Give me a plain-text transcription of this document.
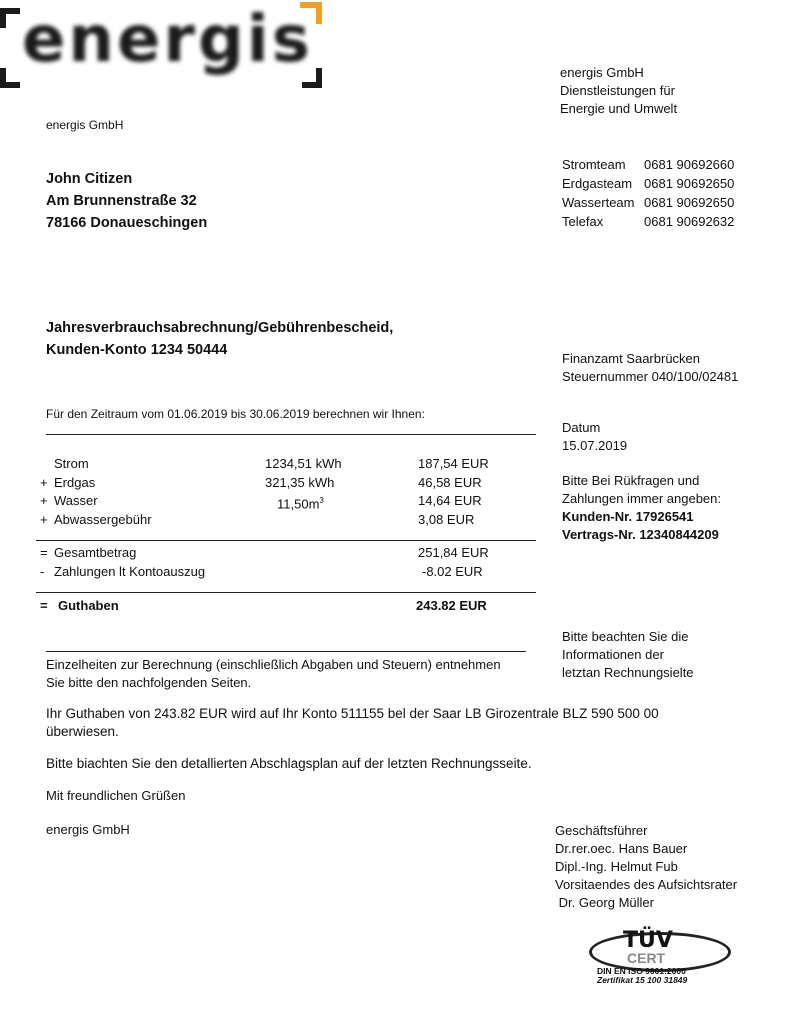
energis
energis GmbH
John Citizen
Am Brunnenstraße 32
78166 Donaueschingen
energis GmbH
Dienstleistungen für
Energie und Umwelt
Stromteam 0681 90692660
Erdgasteam 0681 90692650
Wasserteam 0681 90692650
Telefax	0681 90692632
Jahresverbrauchsabrechnung/Gebührenbescheid,
Kunden-Konto 1234 50444
Finanzamt Saarbrücken
Steuernummer 040/100/02481
Für den Zeitraum vom 01.06.2019 bis 30.06.2019 berechnen wir Ihnen:
Datum
15.07.2019
Strom	1234,51 kWh	187,54 EUR
+ Erdgas	321,35 kWh	46,58 EUR
+ Wasser	$11,50m^3$	14,64 EUR
+ Abwassergebühr	3,08 EUR
Bitte Bei Rükfragen und
Zahlungen immer angeben:
Kunden-Nr. 17926541
Vertrags-Nr. 12340844209
= Gesamtbetrag	251,84 EUR
- Zahlungen lt Kontoauszug	-8.02 EUR
= Guthaben	243.82 EUR
Bitte beachten Sie die
Informationen der
letztan Rechnungsielte
Einzelheiten zur Berechnung (einschließlich Abgaben und Steuern) entnehmen
Sie bitte den nachfolgenden Seiten.
Ihr Guthaben von 243.82 EUR wird auf Ihr Konto 511155 bel der Saar LB Girozentrale BLZ 590 500 00
überwiesen.
Bitte biachten Sie den detallierten Abschlagsplan auf der letzten Rechnungsseite.
Mit freundlichen Grüßen
energis GmbH	Geschäftsführer
Dr.rer.oec. Hans Bauer
Dipl.-Ing. Helmut Fub
Vorsitaendes des Aufsichtsrater
Dr. Georg Müller
TÜV
CERT
DIN EN ISO 9001:2000
Zertifikat 15 100 31849
